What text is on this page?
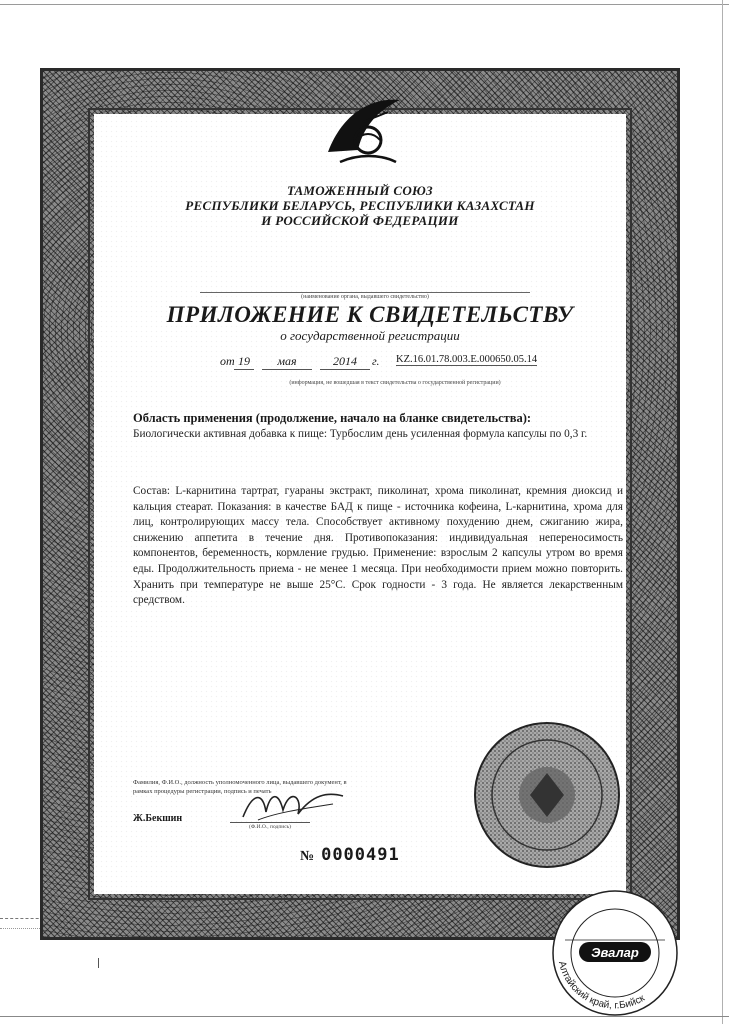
ТАМОЖЕННЫЙ СОЮЗ
РЕСПУБЛИКИ БЕЛАРУСЬ, РЕСПУБЛИКИ КАЗАХСТАН
И РОССИЙСКОЙ ФЕДЕРАЦИИ
(наименование органа, выдавшего свидетельство)
ПРИЛОЖЕНИЕ К СВИДЕТЕЛЬСТВУ
о государственной регистрации
от 19	мая	2014	г. KZ.16.01.78.003.E.000650.05.14
(информация, не вошедшая в текст свидетельства о государственной регистрации)
Область применения (продолжение, начало на бланке свидетельства):
Биологически активная добавка к пище: Турбослим день усиленная формула капсулы по 0,3 г.
Состав: L-карнитина тартрат, гуараны экстракт, пиколинат, хрома пиколинат, кремния диоксид и кальция стеарат. Показания: в качестве БАД к пище - источника кофеина, L-карнитина, хрома для лиц, контролирующих массу тела. Способствует активному похудению днем, сжиганию жира, снижению аппетита в течение дня. Противопоказания: индивидуальная непереносимость компонентов, беременность, кормление грудью. Применение: взрослым 2 капсулы утром во время еды. Продолжительность приема - не менее 1 месяца. При необходимости прием можно повторить. Хранить при температуре не выше 25°С. Срок годности - 3 года. Не является лекарственным средством.
Фамилия, Ф.И.О., должность уполномоченного лица, выдавшего документ, в рамках процедуры регистрации, подпись и печать
Ж.Бекшин
(Ф.И.О., подпись)
№ 0000491
Эвалар
Алтайский край, г.Бийск
